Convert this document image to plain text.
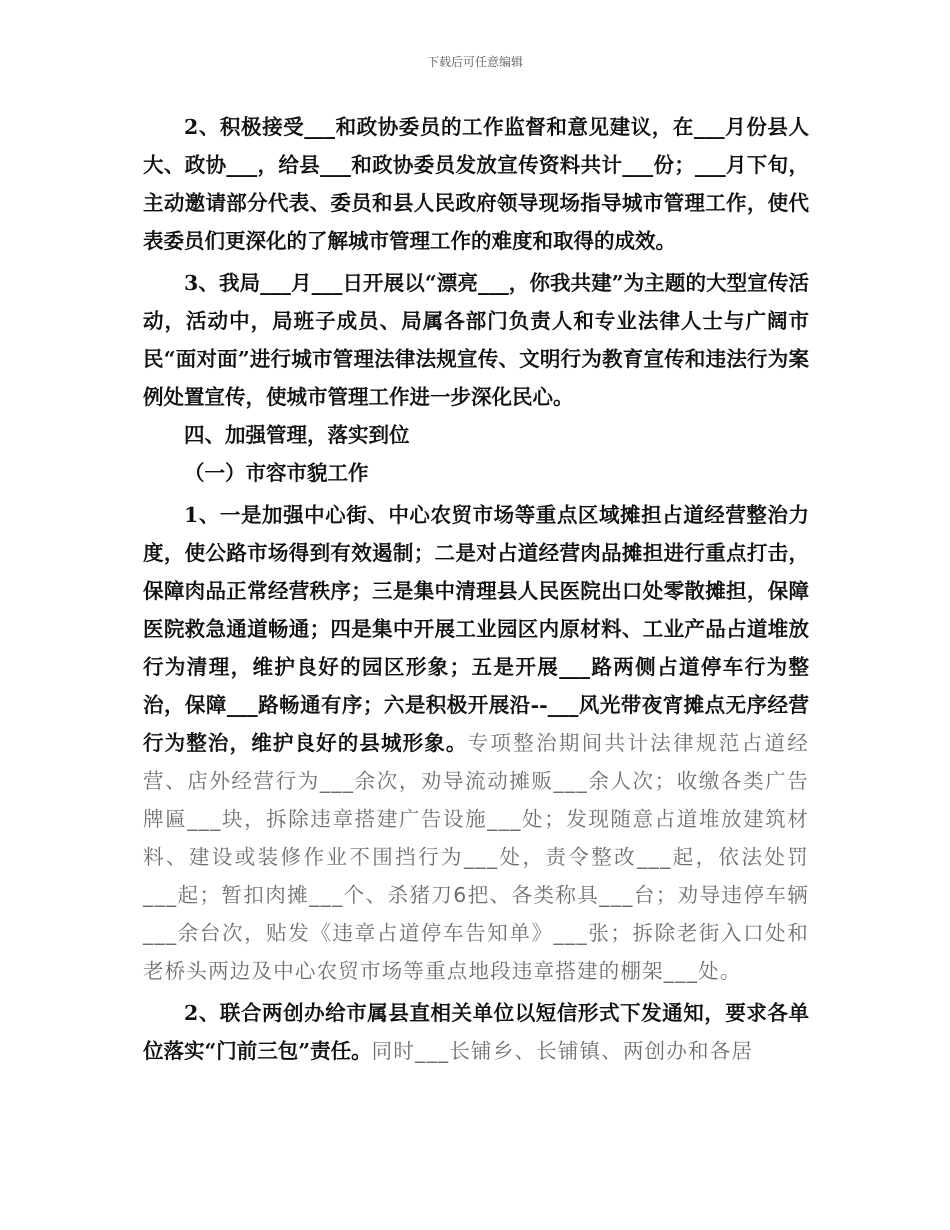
下载后可任意编辑

2、积极接受___和政协委员的工作监督和意见建议，在___月份县人大、政协___，给县___和政协委员发放宣传资料共计___份；___月下旬，主动邀请部分代表、委员和县人民政府领导现场指导城市管理工作，使代表委员们更深化的了解城市管理工作的难度和取得的成效。

3、我局___月___日开展以“漂亮___，你我共建”为主题的大型宣传活动，活动中，局班子成员、局属各部门负责人和专业法律人士与广阔市民“面对面”进行城市管理法律法规宣传、文明行为教育宣传和违法行为案例处置宣传，使城市管理工作进一步深化民心。

四、加强管理，落实到位

（一）市容市貌工作

1、一是加强中心街、中心农贸市场等重点区域摊担占道经营整治力度，使公路市场得到有效遏制；二是对占道经营肉品摊担进行重点打击，保障肉品正常经营秩序；三是集中清理县人民医院出口处零散摊担，保障医院救急通道畅通；四是集中开展工业园区内原材料、工业产品占道堆放行为清理，维护良好的园区形象；五是开展___路两侧占道停车行为整治，保障___路畅通有序；六是积极开展沿--___风光带夜宵摊点无序经营行为整治，维护良好的县城形象。专项整治期间共计法律规范占道经营、店外经营行为___余次，劝导流动摊贩___余人次；收缴各类广告牌匾___块，拆除违章搭建广告设施___处；发现随意占道堆放建筑材料、建设或装修作业不围挡行为___处，责令整改___起，依法处罚___起；暂扣肉摊___个、杀猪刀6把、各类称具___台；劝导违停车辆___余台次，贴发《违章占道停车告知单》___张；拆除老街入口处和老桥头两边及中心农贸市场等重点地段违章搭建的棚架___处。

2、联合两创办给市属县直相关单位以短信形式下发通知，要求各单位落实“门前三包”责任。同时___长铺乡、长铺镇、两创办和各居
